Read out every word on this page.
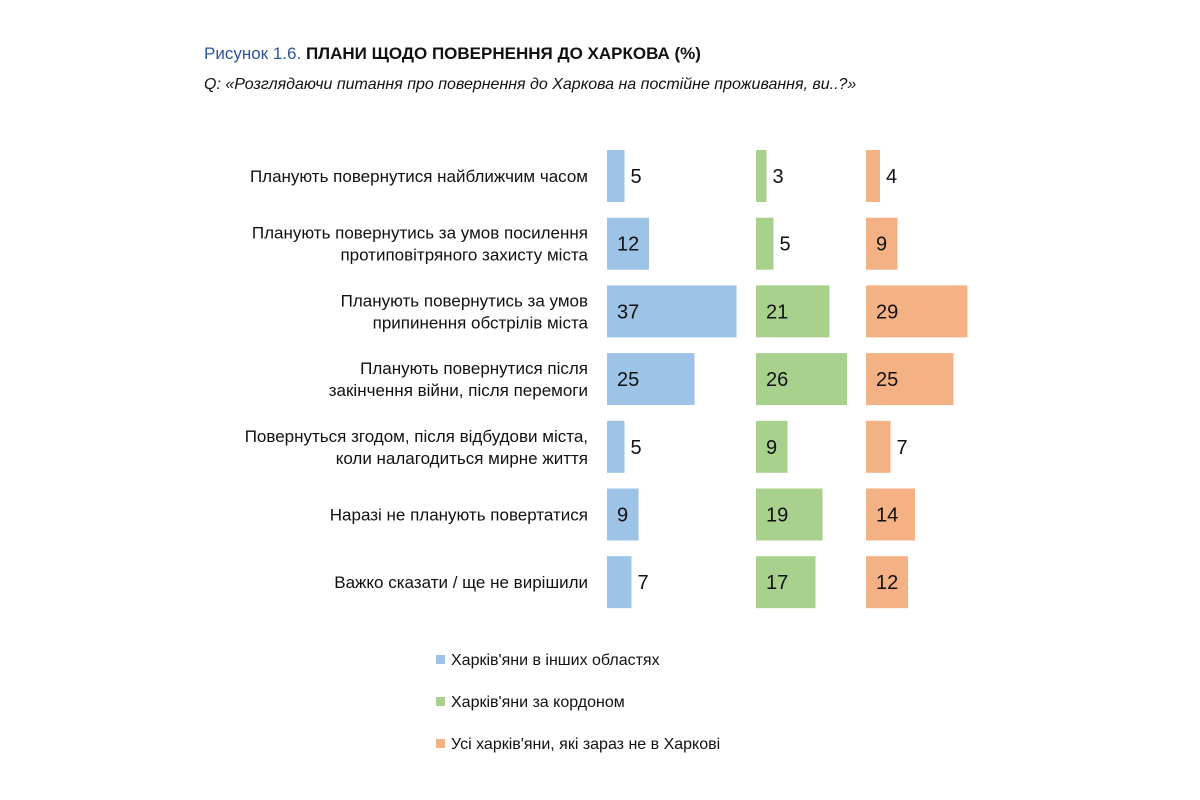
Рисунок 1.6. ПЛАНИ ЩОДО ПОВЕРНЕННЯ ДО ХАРКОВА (%)
Q: «Розглядаючи питання про повернення до Харкова на постійне проживання, ви..?»
Планують повернутися найближчим часом 5	3	4
Планують повернутись за умов посилення
протиповітряного захисту міста 12	5	9
Планують повернутись за умов
припинення обстрілів міста 37	21	29
Планують повернутися після
закінчення війни, після перемоги 25	26	25
Повернуться згодом, після відбудови міста,
коли налагодиться мирне життя 5	9	7
Наразі не планують повертатися 9	19	14
Важко сказати / ще не вирішили 7	17	12
Харків'яни в інших областях
Харків'яни за кордоном
Усі харків'яни, які зараз не в Харкові
